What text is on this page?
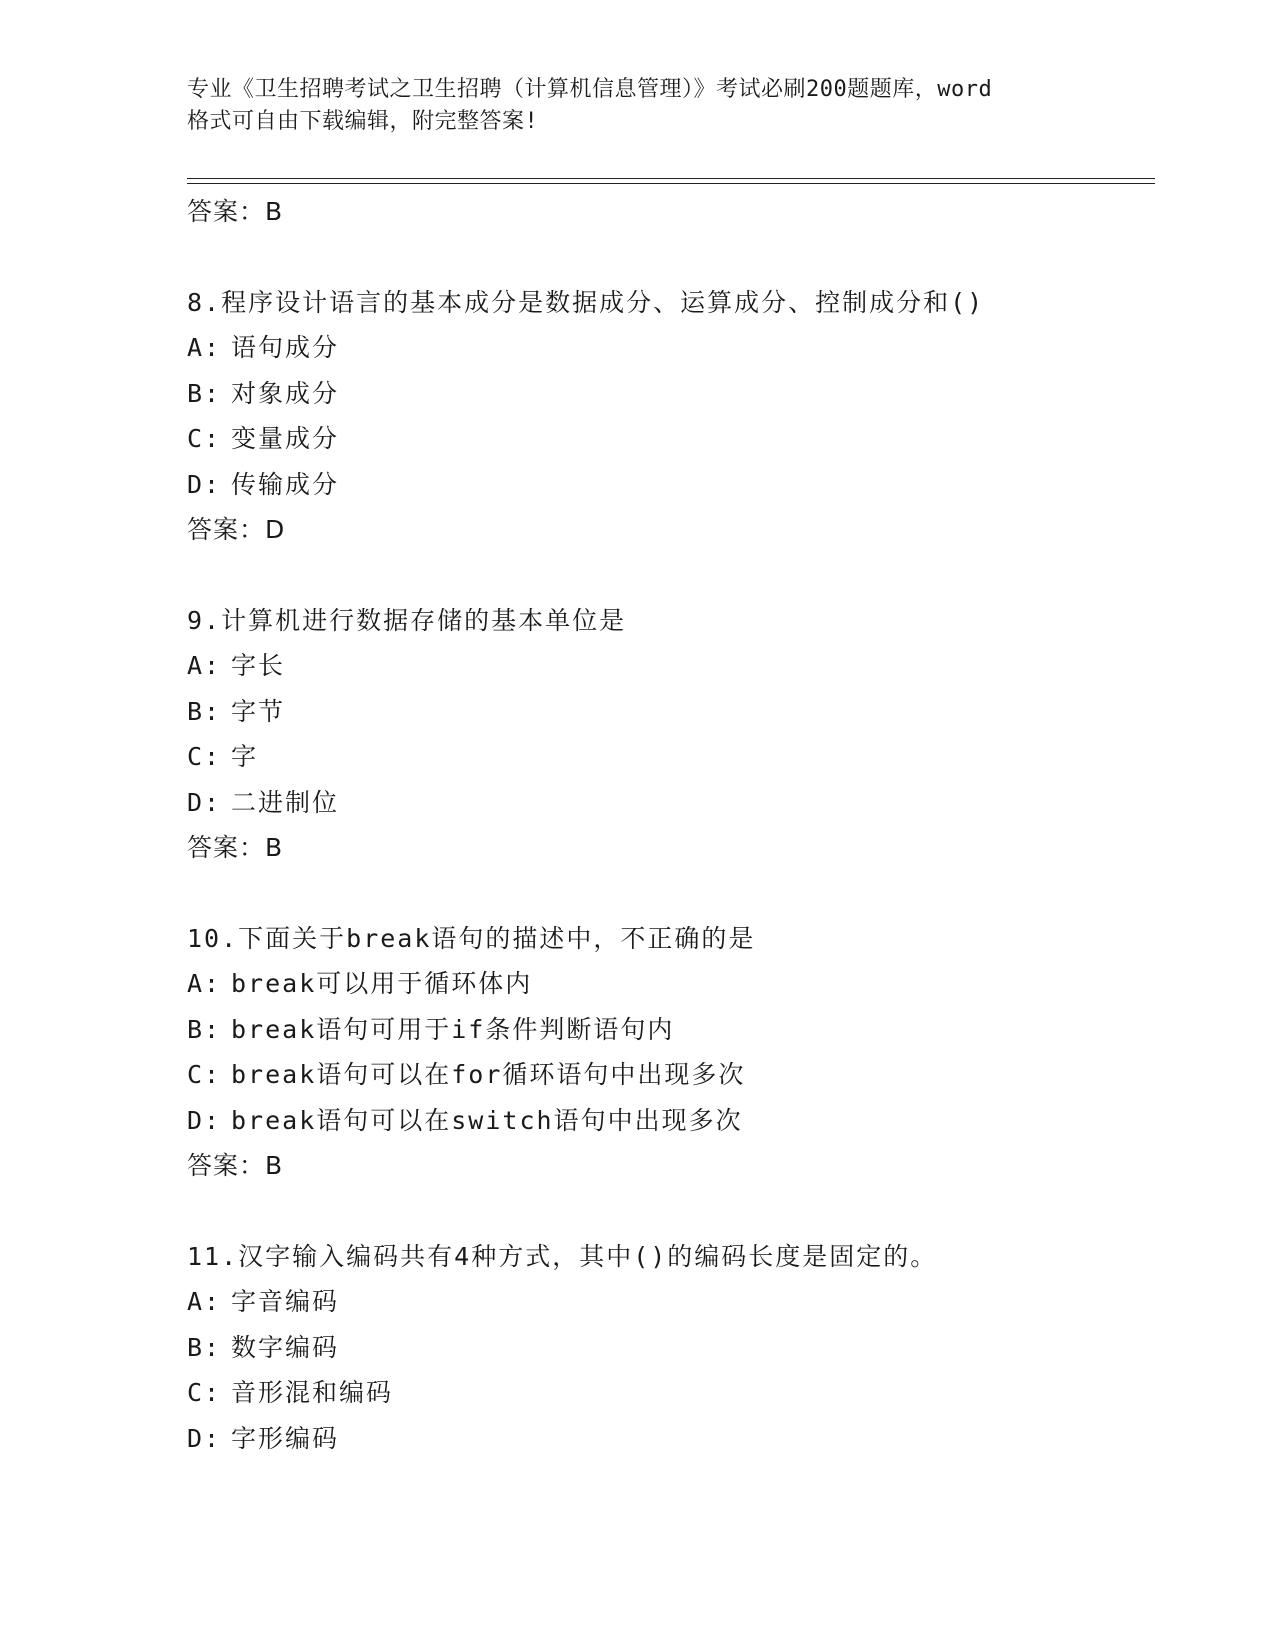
专业《卫生招聘考试之卫生招聘（计算机信息管理）》考试必刷200题题库，word
格式可自由下载编辑，附完整答案!
答案：B
8.程序设计语言的基本成分是数据成分、运算成分、控制成分和()
A: 语句成分
B: 对象成分
C: 变量成分
D: 传输成分
答案：D
9.计算机进行数据存储的基本单位是
A: 字长
B: 字节
C: 字
D: 二进制位
答案：B
10.下面关于break语句的描述中，不正确的是
A: break可以用于循环体内
B: break语句可用于if条件判断语句内
C: break语句可以在for循环语句中出现多次
D: break语句可以在switch语句中出现多次
答案：B
11.汉字输入编码共有4种方式，其中()的编码长度是固定的。
A: 字音编码
B: 数字编码
C: 音形混和编码
D: 字形编码
